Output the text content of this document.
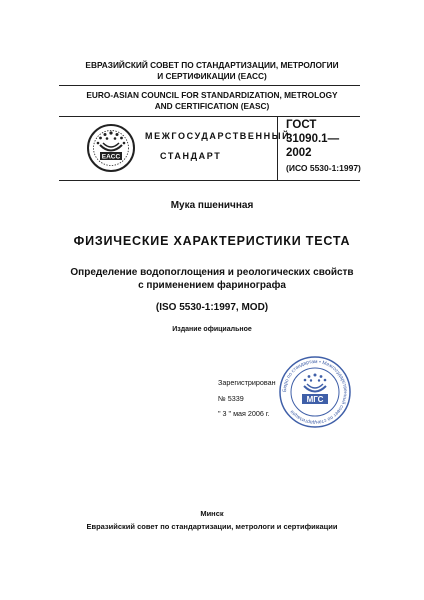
ЕВРАЗИЙСКИЙ СОВЕТ ПО СТАНДАРТИЗАЦИИ, МЕТРОЛОГИИ
И СЕРТИФИКАЦИИ (ЕАСС)
EURO-ASIAN COUNCIL FOR STANDARDIZATION, METROLOGY
AND CERTIFICATION (EASC)
EACC
МЕЖГОСУДАРСТВЕННЫЙ
СТАНДАРТ
ГОСТ
31090.1—
2002
(ИСО 5530-1:1997)
Мука пшеничная
ФИЗИЧЕСКИЕ ХАРАКТЕРИСТИКИ ТЕСТА
Определение водопоглощения и реологических свойств
с применением фаринографа
(ISO 5530-1:1997, MOD)
Издание официальное
Бюро по стандартам • Межгосударственный совет по стандартизации
МГС
Зарегистрирован
№ 5339
" 3 " мая 2006 г.
Минск
Евразийский совет по стандартизации, метрологи и сертификации
